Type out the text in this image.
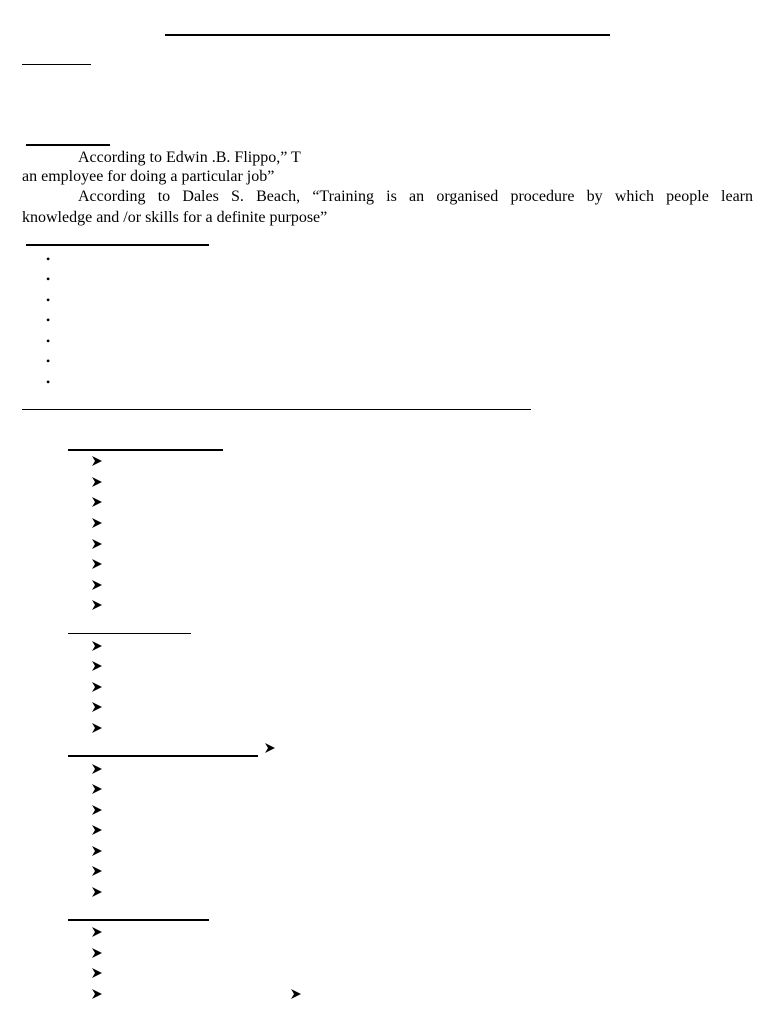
According to Edwin .B. Flippo,” T
an employee for doing a particular job”
According to Dales S. Beach, “Training is an organised procedure by which people learn
knowledge and /or skills for a definite purpose”
•
•
•
•
•
•
•
